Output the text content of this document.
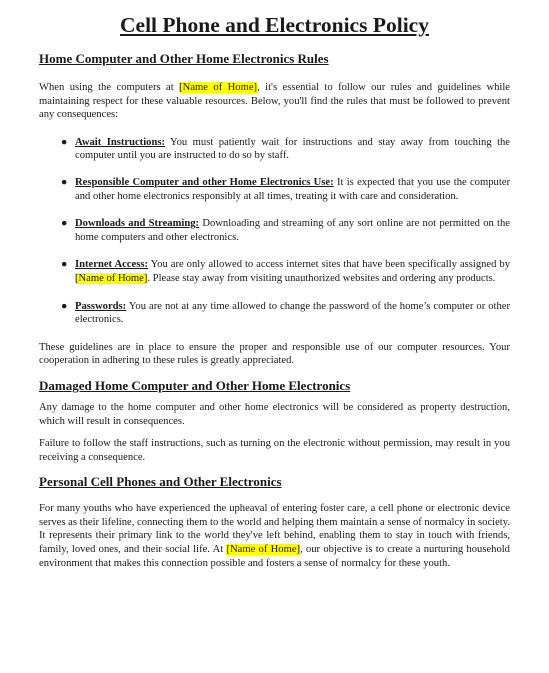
Cell Phone and Electronics Policy
Home Computer and Other Home Electronics Rules

When using the computers at [Name of Home], it's essential to follow our rules and guidelines while maintaining respect for these valuable resources. Below, you'll find the rules that must be followed to prevent any consequences:

● Await Instructions: You must patiently wait for instructions and stay away from touching the computer until you are instructed to do so by staff.
● Responsible Computer and other Home Electronics Use: It is expected that you use the computer and other home electronics responsibly at all times, treating it with care and consideration.
● Downloads and Streaming: Downloading and streaming of any sort online are not permitted on the home computers and other electronics.
● Internet Access: You are only allowed to access internet sites that have been specifically assigned by [Name of Home]. Please stay away from visiting unauthorized websites and ordering any products.
● Passwords: You are not at any time allowed to change the password of the home’s computer or other electronics.

These guidelines are in place to ensure the proper and responsible use of our computer resources. Your cooperation in adhering to these rules is greatly appreciated.

Damaged Home Computer and Other Home Electronics

Any damage to the home computer and other home electronics will be considered as property destruction, which will result in consequences.

Failure to follow the staff instructions, such as turning on the electronic without permission, may result in you receiving a consequence.

Personal Cell Phones and Other Electronics

For many youths who have experienced the upheaval of entering foster care, a cell phone or electronic device serves as their lifeline, connecting them to the world and helping them maintain a sense of normalcy in society. It represents their primary link to the world they've left behind, enabling them to stay in touch with friends, family, loved ones, and their social life. At [Name of Home], our objective is to create a nurturing household environment that makes this connection possible and fosters a sense of normalcy for these youth.
